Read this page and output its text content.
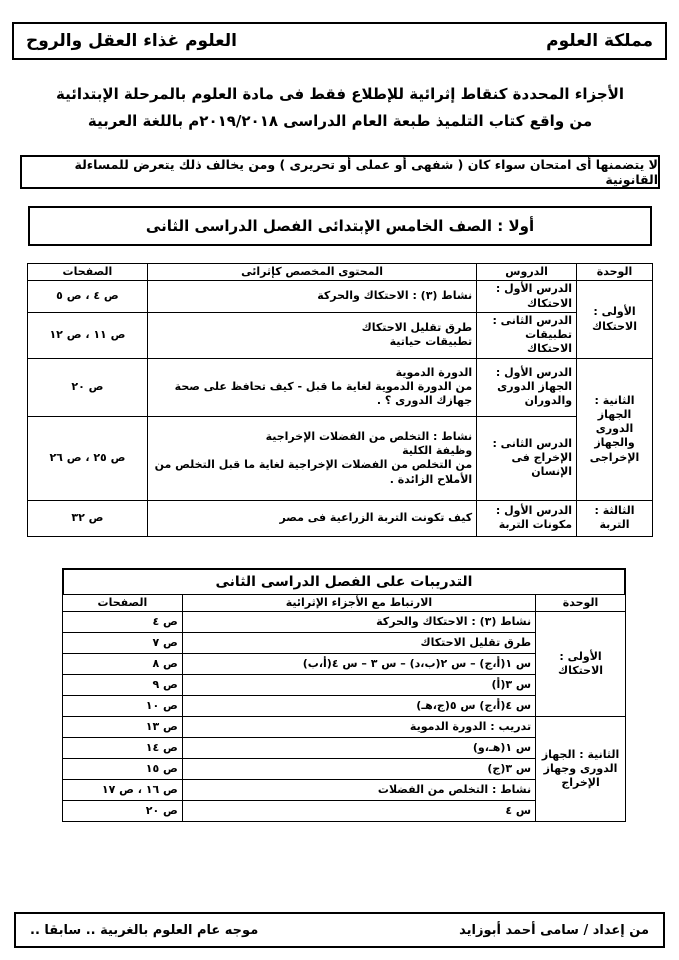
مملكة العلوم
العلوم غذاء العقل والروح
الأجزاء المحددة كنقاط إثرائية للإطلاع فقط فى مادة العلوم بالمرحلة الإبتدائية
من واقع كتاب التلميذ طبعة العام الدراسى ٢٠١٩/٢٠١٨م باللغة العربية
لا يتضمنها أى امتحان سواء كان ( شفهى أو عملى أو تحريرى ) ومن يخالف ذلك يتعرض للمساءلة القانونية
أولا : الصف الخامس الإبتدائى الفصل الدراسى الثانى
الوحدة	الدروس	المحتوى المخصص كإثرائى	الصفحات
الأولى : الاحتكاك	الدرس الأول : الاحتكاك	نشاط (٣) : الاحتكاك والحركة	ص ٤ ، ص ٥
	الدرس الثانى : تطبيقات الاحتكاك	طرق تقليل الاحتكاك
تطبيقات حياتية	ص ١١ ، ص ١٢
الثانية : الجهاز الدورى والجهاز الإخراجى	الدرس الأول : الجهاز الدورى والدوران	الدورة الدموية
من الدورة الدموية لغاية ما قبل - كيف تحافظ على صحة جهازك الدورى ؟ .	ص ٢٠
	الدرس الثانى : الإخراج فى الإنسان	نشاط : التخلص من الفضلات الإخراجية
وظيفة الكلية
من التخلص من الفضلات الإخراجية لغاية ما قبل التخلص من الأملاح الزائدة .	ص ٢٥ ، ص ٢٦
الثالثة : التربة	الدرس الأول : مكونات التربة	كيف تكونت التربة الزراعية فى مصر	ص ٣٢
التدريبات على الفصل الدراسى الثانى
الوحدة	الارتباط مع الأجزاء الإثرائية	الصفحات
الأولى : الاحتكاك	نشاط (٣) : الاحتكاك والحركة	ص ٤
	طرق تقليل الاحتكاك	ص ٧
	س ١(أ،ج) – س ٢(ب،د) – س ٣ – س ٤(أ،ب)	ص ٨
	س ٣(أ)	ص ٩
	س ٤(أ،ج) س ٥(ج،هـ)	ص ١٠
الثانية : الجهاز الدورى وجهاز الإخراج	تدريب : الدورة الدموية	ص ١٣
	س ١(هـ،و)	ص ١٤
	س ٣(ج)	ص ١٥
	نشاط : التخلص من الفضلات	ص ١٦ ، ص ١٧
	س ٤	ص ٢٠
من إعداد / سامى أحمد أبوزايد
موجه عام العلوم بالغربية .. سابقا ..
